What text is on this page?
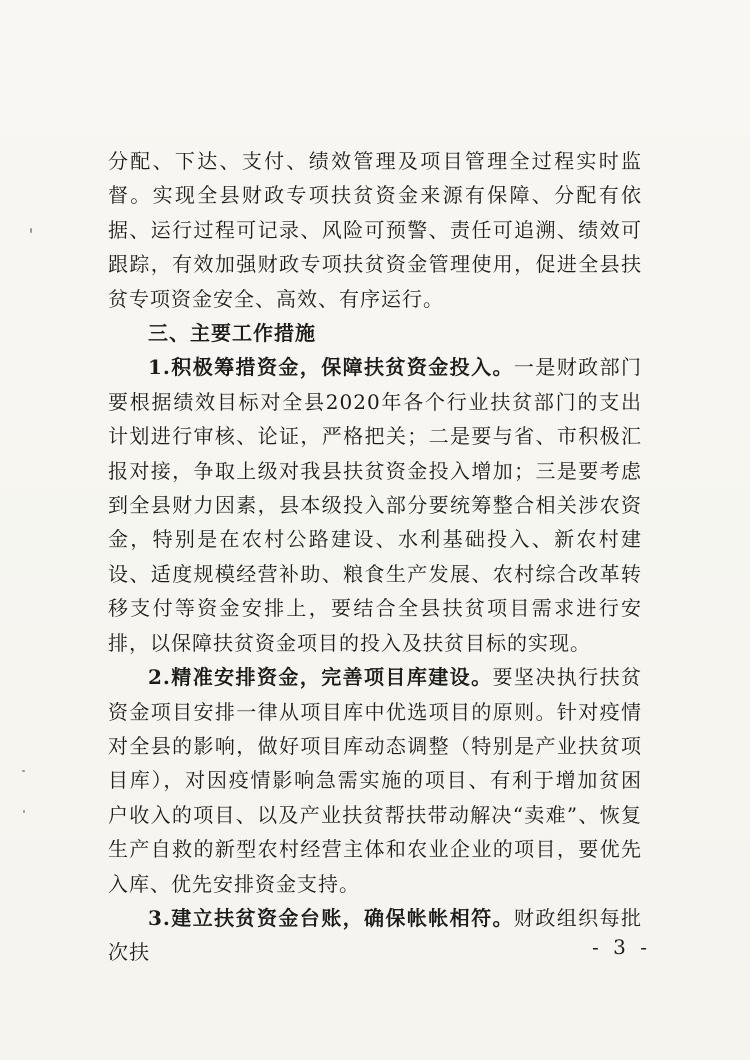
分配、下达、支付、绩效管理及项目管理全过程实时监督。实现全县财政专项扶贫资金来源有保障、分配有依据、运行过程可记录、风险可预警、责任可追溯、绩效可跟踪，有效加强财政专项扶贫资金管理使用，促进全县扶贫专项资金安全、高效、有序运行。

三、主要工作措施

1.积极筹措资金，保障扶贫资金投入。一是财政部门要根据绩效目标对全县2020年各个行业扶贫部门的支出计划进行审核、论证，严格把关；二是要与省、市积极汇报对接，争取上级对我县扶贫资金投入增加；三是要考虑到全县财力因素，县本级投入部分要统筹整合相关涉农资金，特别是在农村公路建设、水利基础投入、新农村建设、适度规模经营补助、粮食生产发展、农村综合改革转移支付等资金安排上，要结合全县扶贫项目需求进行安排，以保障扶贫资金项目的投入及扶贫目标的实现。

2.精准安排资金，完善项目库建设。要坚决执行扶贫资金项目安排一律从项目库中优选项目的原则。针对疫情对全县的影响，做好项目库动态调整（特别是产业扶贫项目库），对因疫情影响急需实施的项目、有利于增加贫困户收入的项目、以及产业扶贫帮扶带动解决“卖难”、恢复生产自救的新型农村经营主体和农业企业的项目，要优先入库、优先安排资金支持。

3.建立扶贫资金台账，确保帐帐相符。财政组织每批次扶	- 3 -
